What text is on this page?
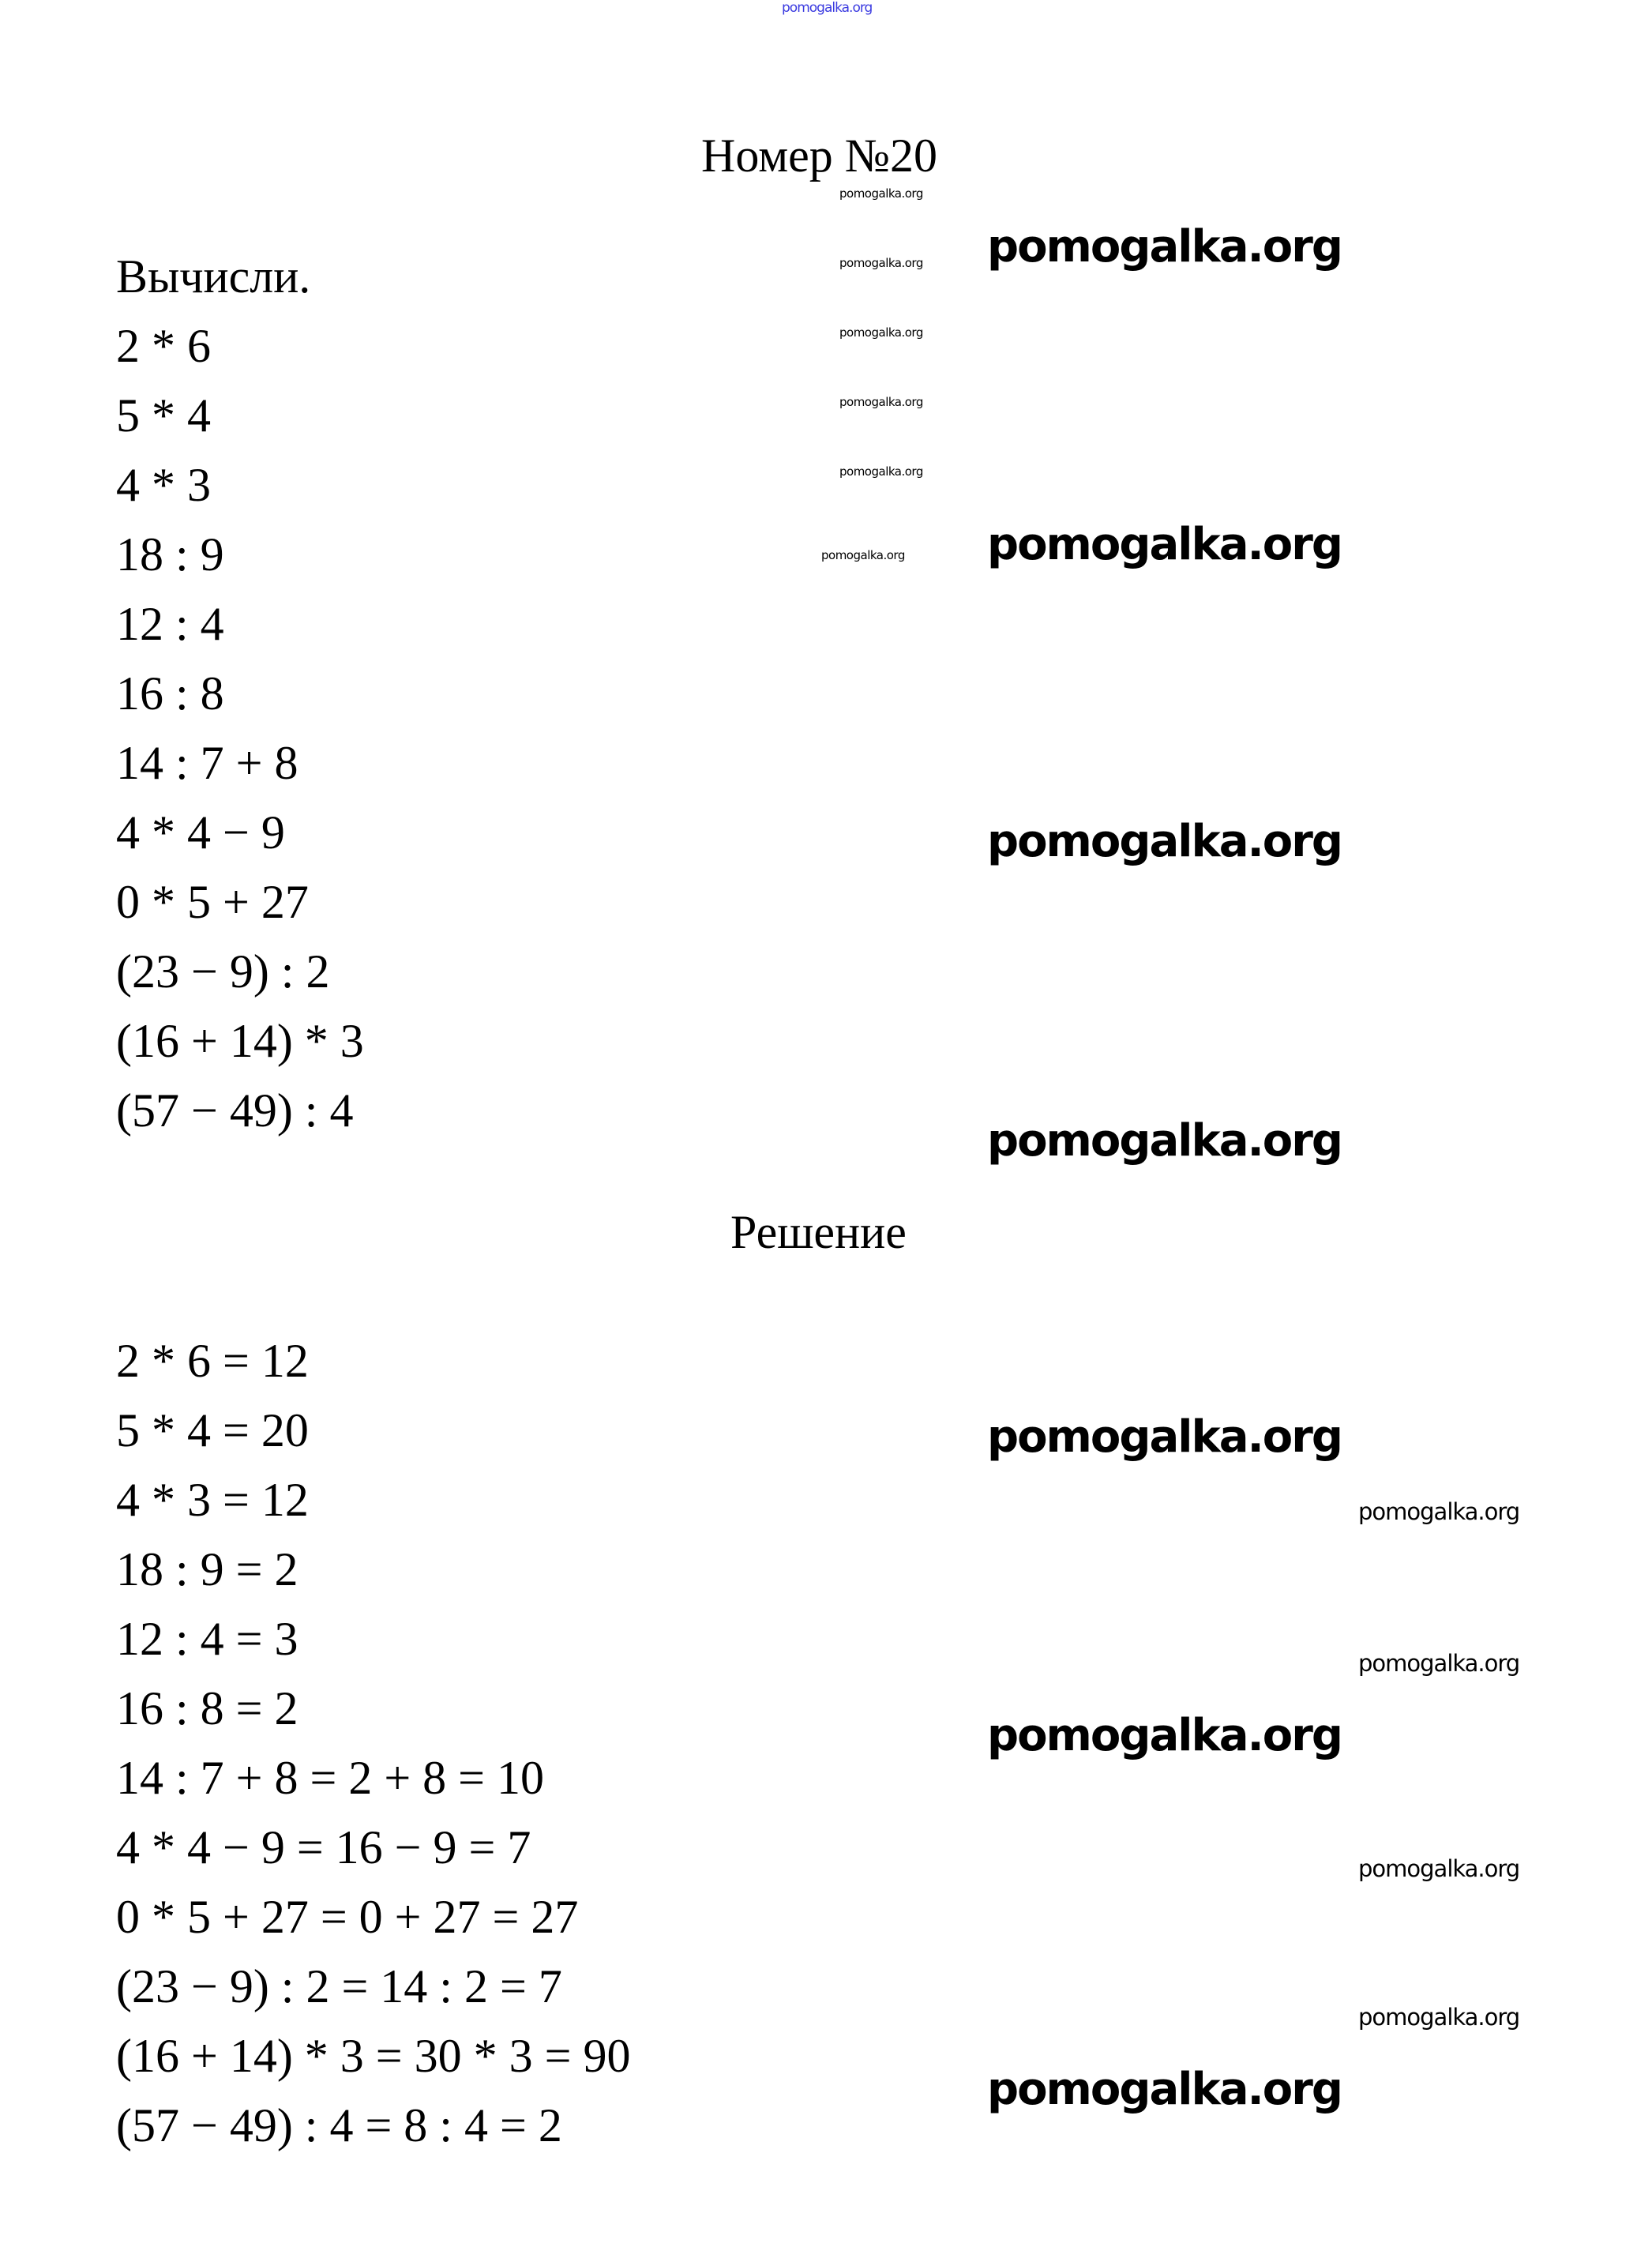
pomogalka.org
Номер №20
Вычисли.
2 * 6
5 * 4
4 * 3
18 : 9
12 : 4
16 : 8
14 : 7 + 8
4 * 4 − 9
0 * 5 + 27
(23 − 9) : 2
(16 + 14) * 3
(57 − 49) : 4
Решение
2 * 6 = 12
5 * 4 = 20
4 * 3 = 12
18 : 9 = 2
12 : 4 = 3
16 : 8 = 2
14 : 7 + 8 = 2 + 8 = 10
4 * 4 − 9 = 16 − 9 = 7
0 * 5 + 27 = 0 + 27 = 27
(23 − 9) : 2 = 14 : 2 = 7
(16 + 14) * 3 = 30 * 3 = 90
(57 − 49) : 4 = 8 : 4 = 2
pomogalka.org
pomogalka.org
pomogalka.org
pomogalka.org
pomogalka.org
pomogalka.org
pomogalka.org
pomogalka.org
pomogalka.org
pomogalka.org
pomogalka.org
pomogalka.org
pomogalka.org
pomogalka.org
pomogalka.org
pomogalka.org
pomogalka.org
